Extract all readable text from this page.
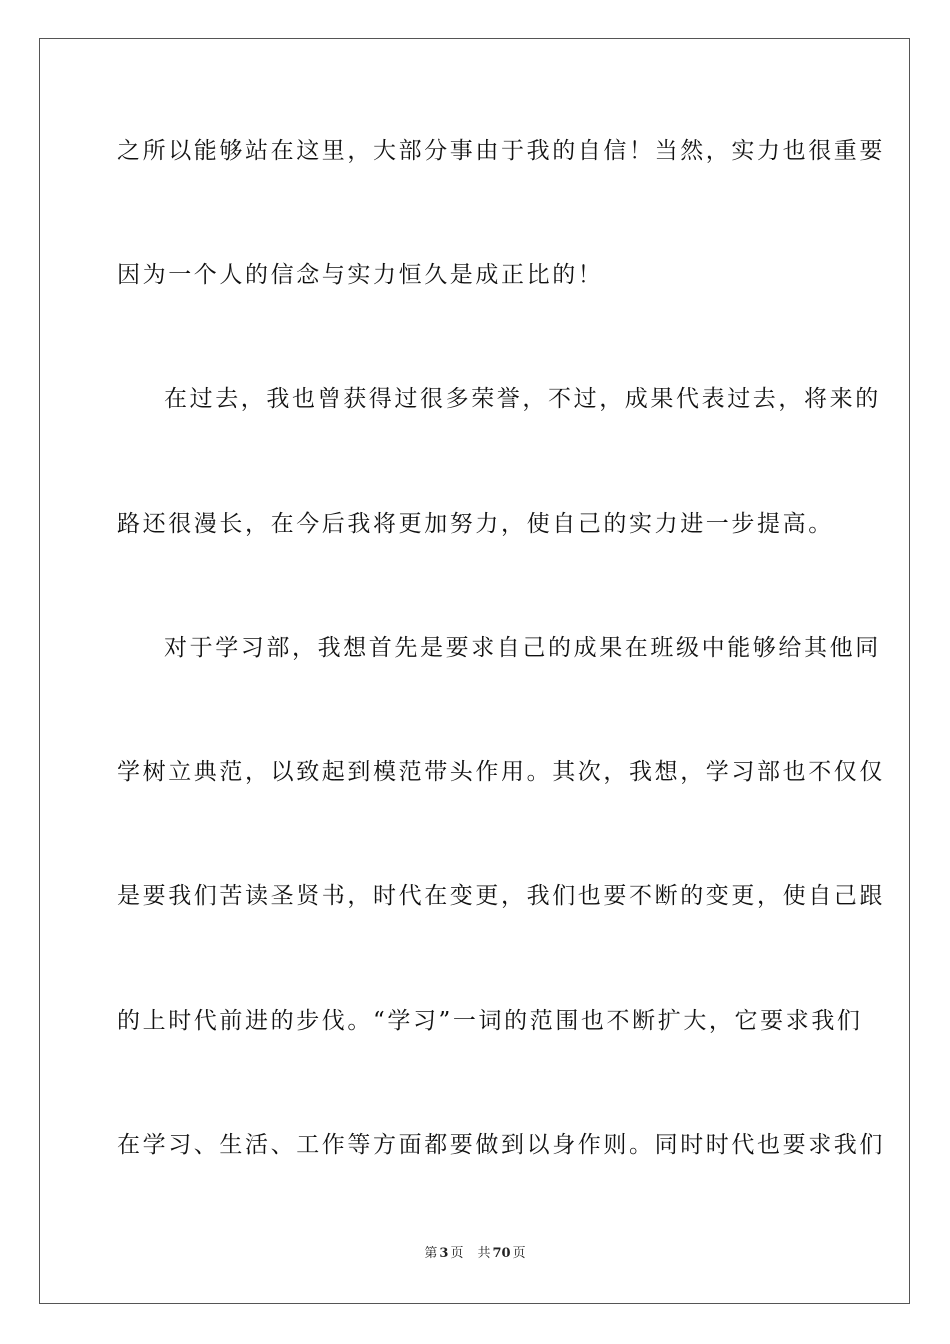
之所以能够站在这里，大部分事由于我的自信！当然，实力也很重要
因为一个人的信念与实力恒久是成正比的！
在过去，我也曾获得过很多荣誉，不过，成果代表过去，将来的
路还很漫长，在今后我将更加努力，使自己的实力进一步提高。
对于学习部，我想首先是要求自己的成果在班级中能够给其他同
学树立典范，以致起到模范带头作用。其次，我想，学习部也不仅仅
是要我们苦读圣贤书，时代在变更，我们也要不断的变更，使自己跟
的上时代前进的步伐。“学习”一词的范围也不断扩大，它要求我们
在学习、生活、工作等方面都要做到以身作则。同时时代也要求我们
第 3 页 共 70 页
